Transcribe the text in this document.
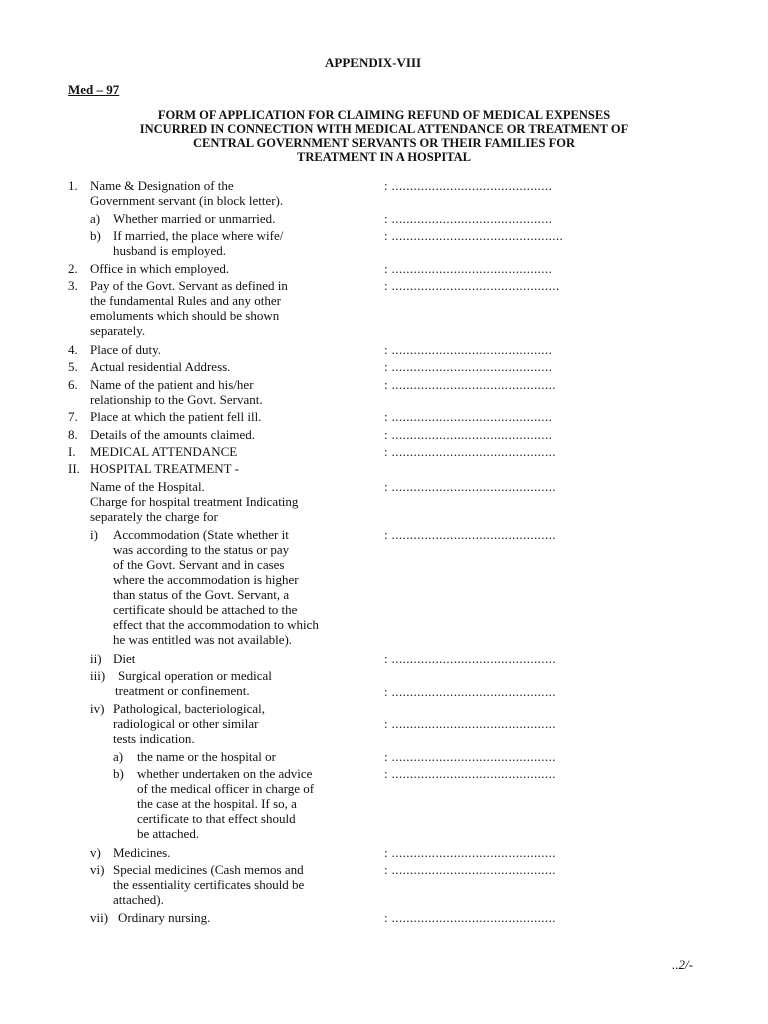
APPENDIX-VIII
Med – 97
FORM OF APPLICATION FOR CLAIMING REFUND OF MEDICAL EXPENSES
INCURRED IN CONNECTION WITH MEDICAL ATTENDANCE OR TREATMENT OF
CENTRAL GOVERNMENT SERVANTS OR THEIR FAMILIES FOR
TREATMENT IN A HOSPITAL
1. Name & Designation of the
Government servant (in block letter).
: ............................................
a) Whether married or unmarried.	: ............................................
b) If married, the place where wife/
husband is employed.
: ...............................................
2. Office in which employed.	: ............................................
3. Pay of the Govt. Servant as defined in
the fundamental Rules and any other
emoluments which should be shown
separately.
: ..............................................
4. Place of duty.	: ............................................
5. Actual residential Address.	: ............................................
6. Name of the patient and his/her
relationship to the Govt. Servant.
: .............................................
7. Place at which the patient fell ill.	: ............................................
8. Details of the amounts claimed.	: ............................................
I. MEDICAL ATTENDANCE	: .............................................
II. HOSPITAL TREATMENT -
Name of the Hospital.
Charge for hospital treatment Indicating
separately the charge for
: .............................................
i) Accommodation (State whether it
was according to the status or pay
of the Govt. Servant and in cases
where the accommodation is higher
than status of the Govt. Servant, a
certificate should be attached to the
effect that the accommodation to which
he was entitled was not available).
: .............................................
ii) Diet	: .............................................
iii) Surgical operation or medical
treatment or confinement.	: .............................................
iv) Pathological, bacteriological,
radiological or other similar
tests indication.
: .............................................
a) the name or the hospital or	: .............................................
b) whether undertaken on the advice
of the medical officer in charge of
the case at the hospital. If so, a
certificate to that effect should
be attached.
: .............................................
v) Medicines.	: .............................................
vi) Special medicines (Cash memos and
the essentiality certificates should be
attached).
: .............................................
vii) Ordinary nursing.	: .............................................
..2/-
